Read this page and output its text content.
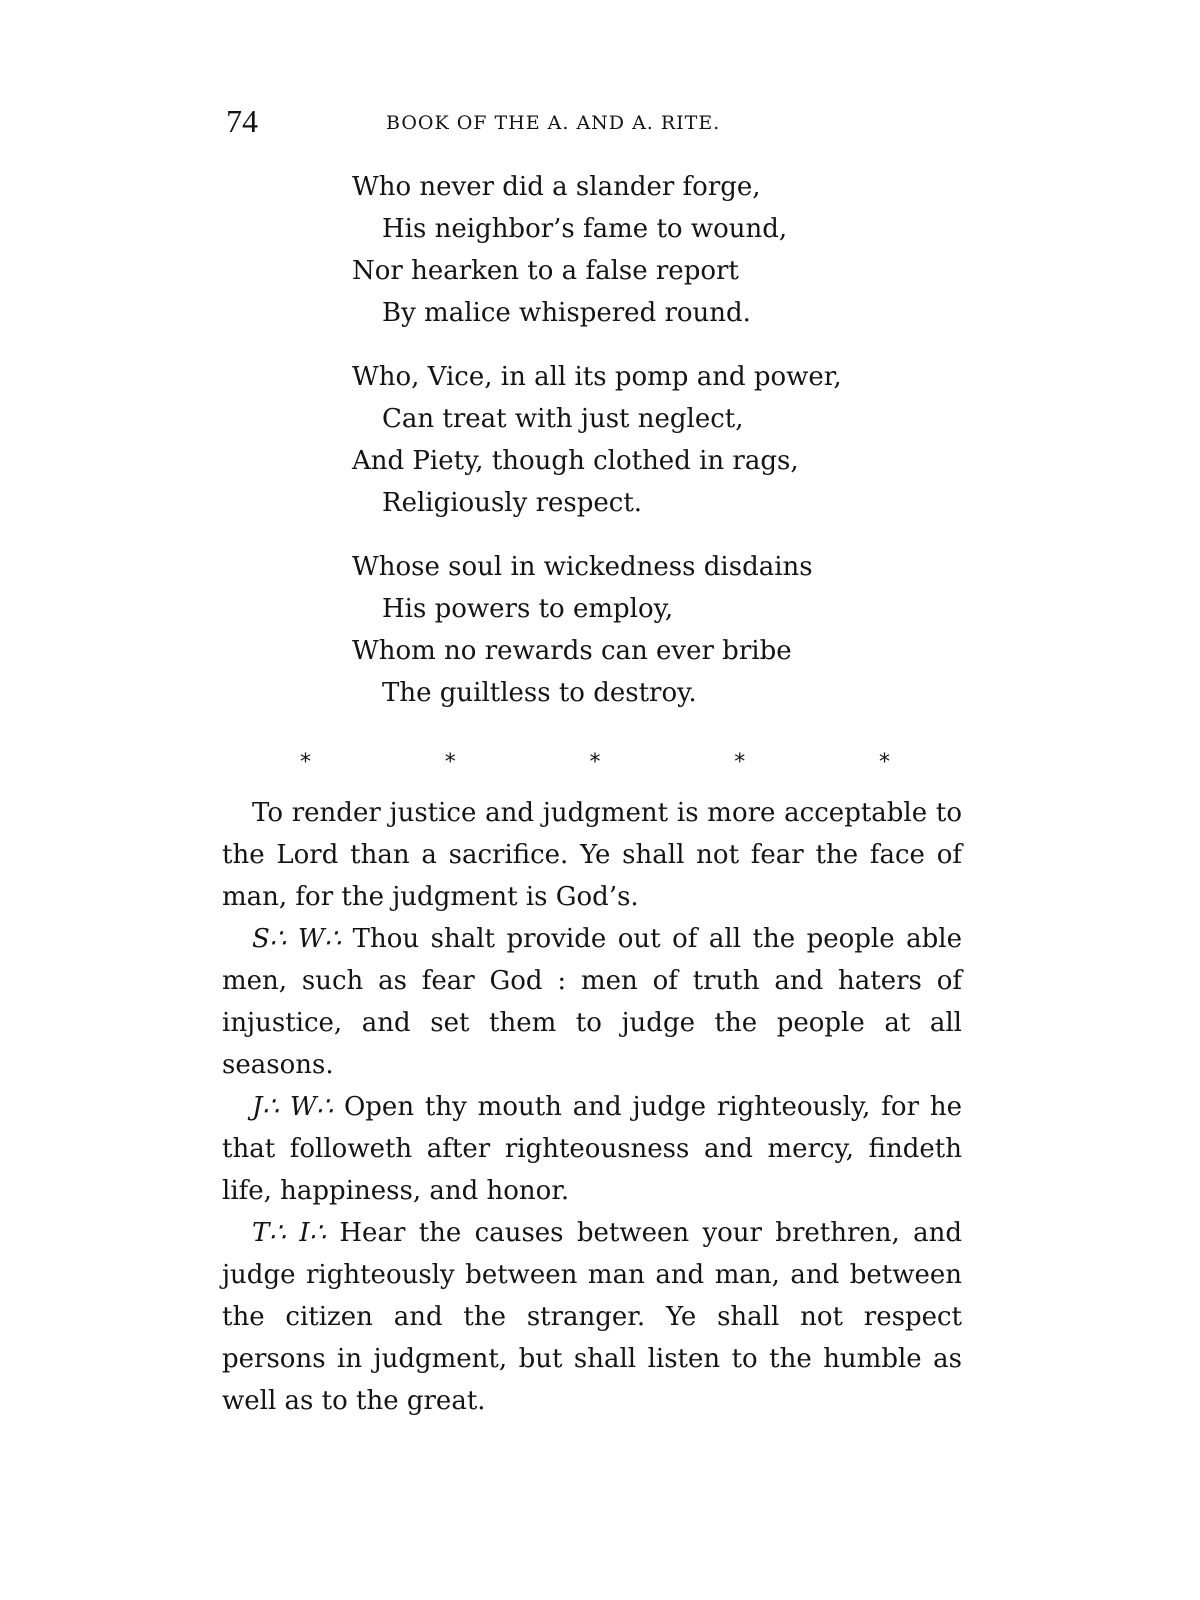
74	BOOK OF THE A. AND A. RITE.
Who never did a slander forge,
His neighbor’s fame to wound,
Nor hearken to a false report
By malice whispered round.
Who, Vice, in all its pomp and power,
Can treat with just neglect,
And Piety, though clothed in rags,
Religiously respect.
Whose soul in wickedness disdains
His powers to employ,
Whom no rewards can ever bribe
The guiltless to destroy.
*	*	*	*	*

To render justice and judgment is more acceptable to the Lord than a sacrifice. Ye shall not fear the face of man, for the judgment is God’s.

S∴ W∴ Thou shalt provide out of all the people able men, such as fear God : men of truth and haters of injustice, and set them to judge the people at all seasons.

J∴ W∴ Open thy mouth and judge righteously, for he that followeth after righteousness and mercy, findeth life, happiness, and honor.

T∴ I∴ Hear the causes between your brethren, and judge righteously between man and man, and between the citizen and the stranger. Ye shall not respect persons in judgment, but shall listen to the humble as well as to the great.
